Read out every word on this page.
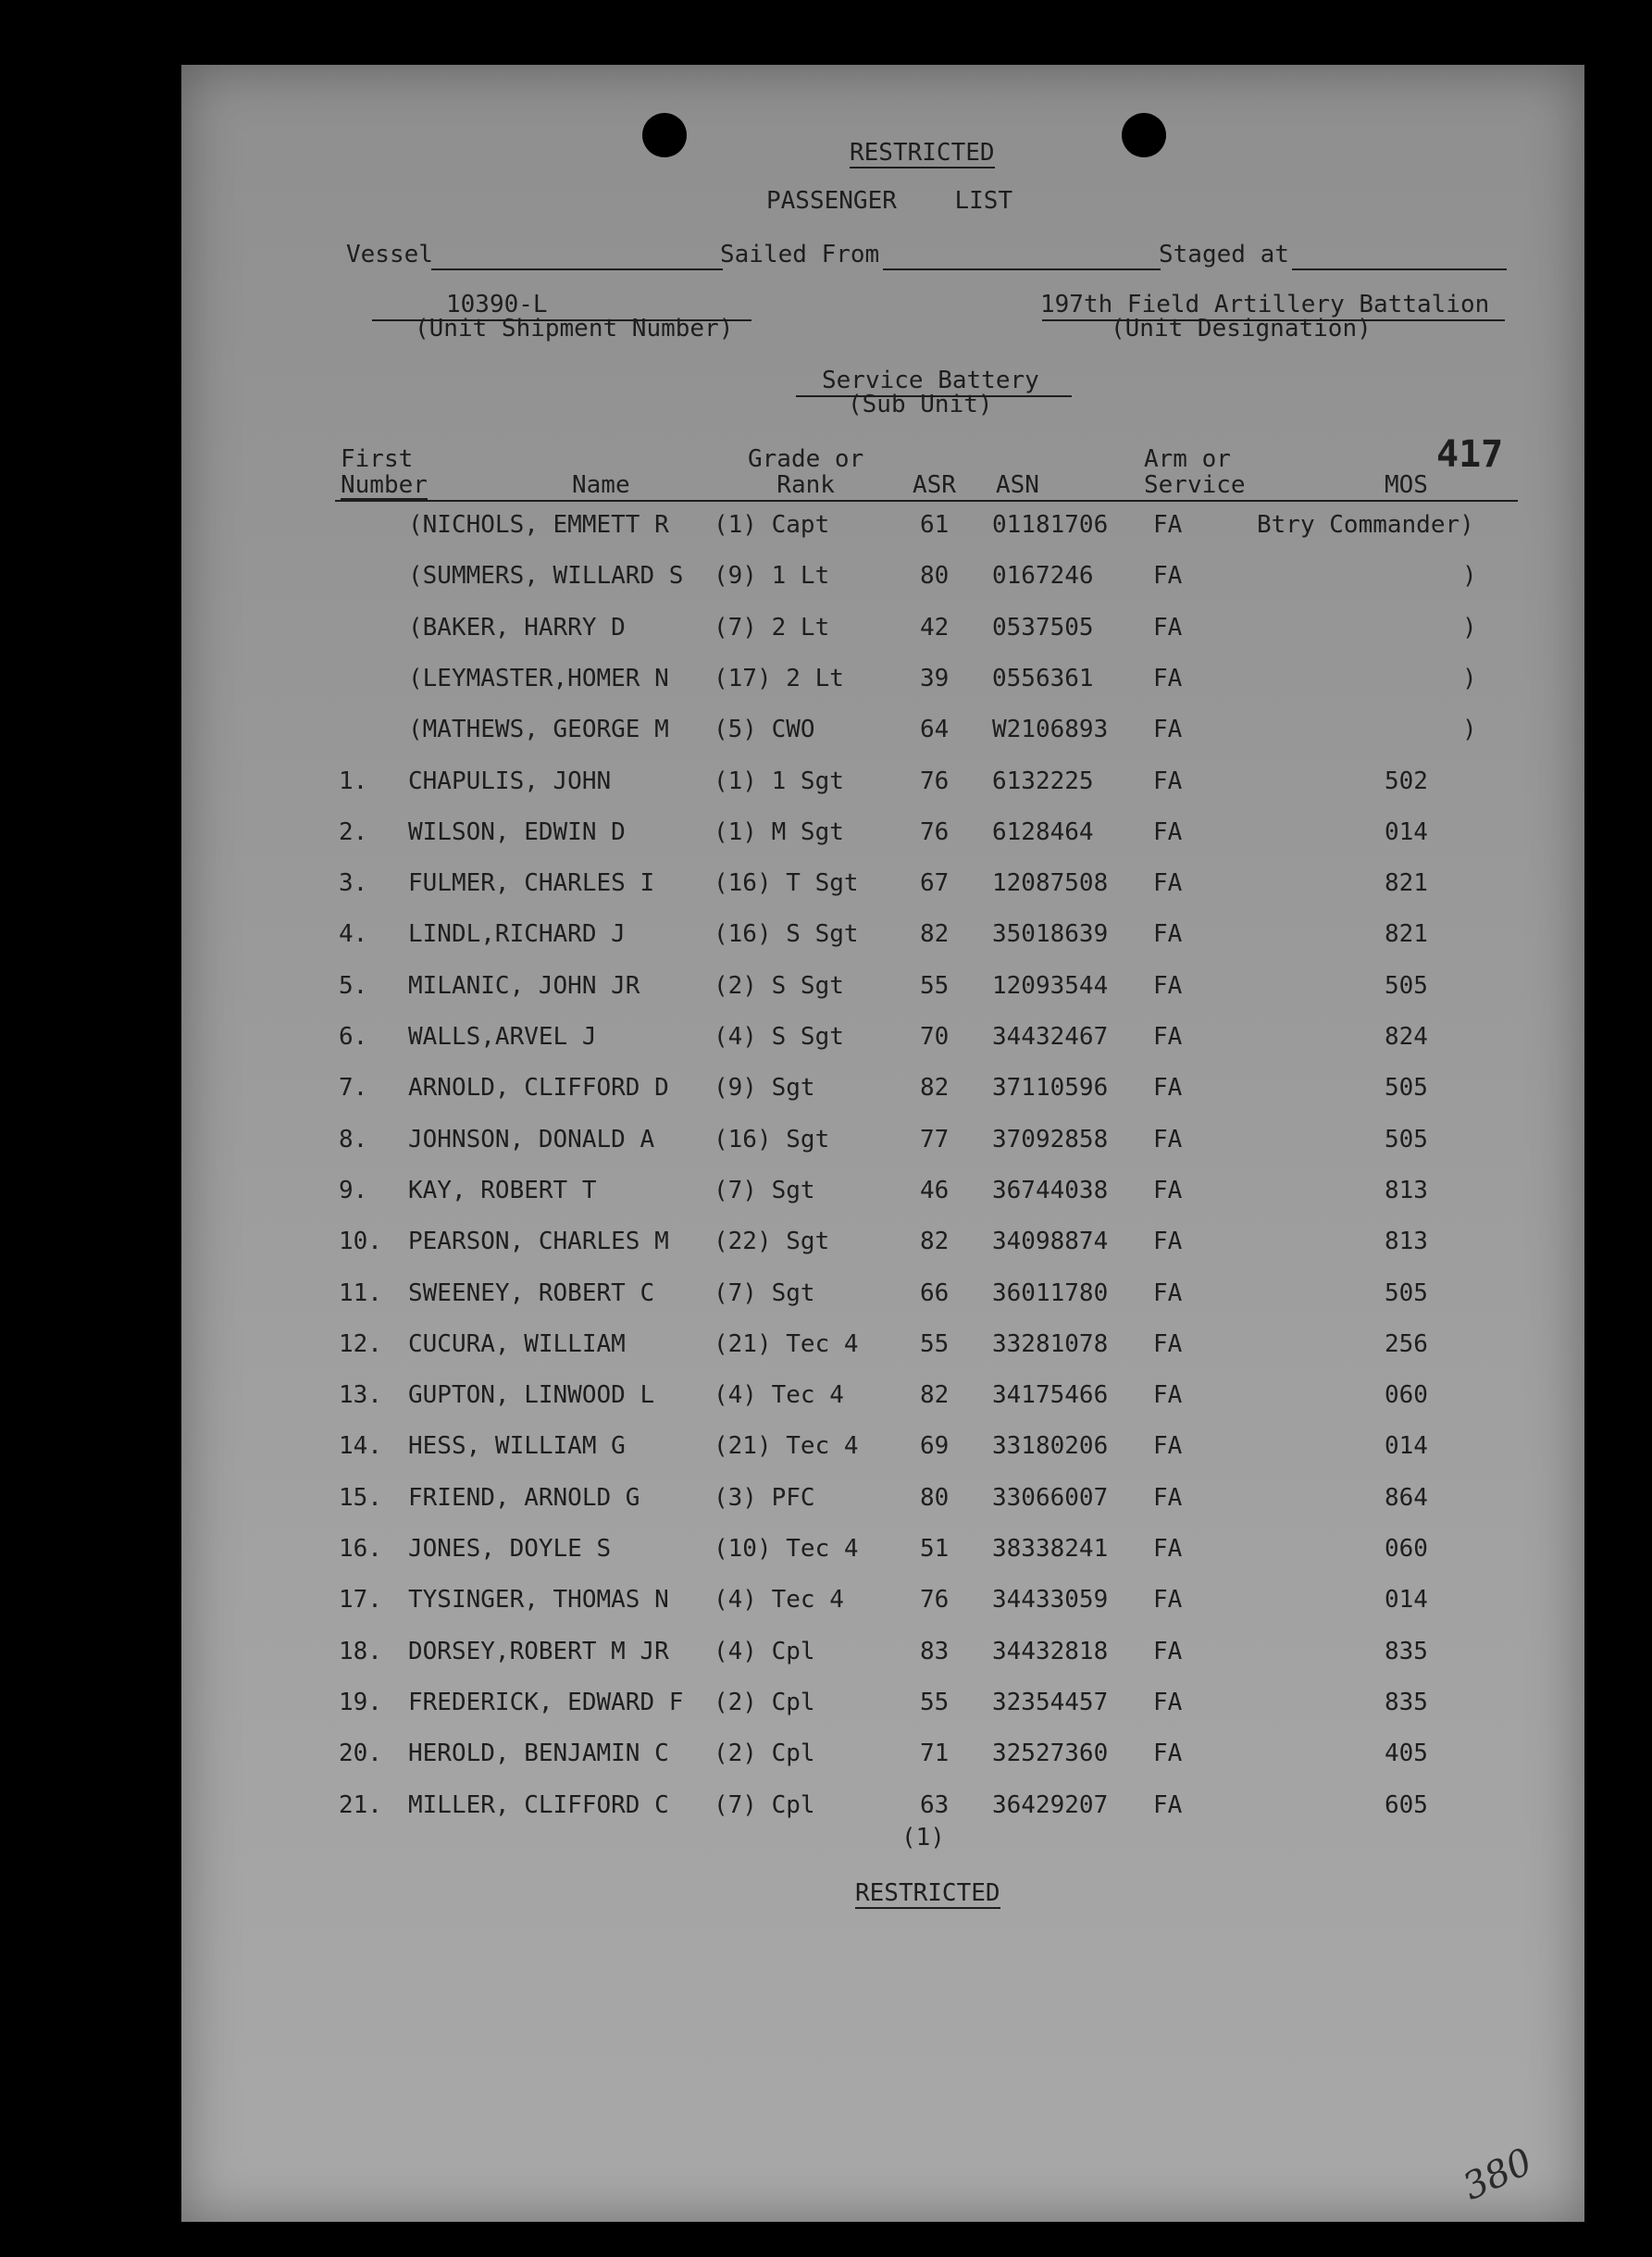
RESTRICTED
PASSENGER    LIST
Vessel	Sailed From	Staged at
10390-L
(Unit Shipment Number)
197th Field Artillery Battalion
(Unit Designation)
Service Battery
(Sub Unit)
417
First
Number	Name
Grade or
Rank	ASR ASN
Arm or
Service	MOS
(NICHOLS, EMMETT R (1) Capt	61 01181706 FA	Btry Commander)
(SUMMERS, WILLARD S (9) 1 Lt	80 0167246 FA	)
(BAKER, HARRY D	(7) 2 Lt	42 0537505 FA	)
(LEYMASTER,HOMER N (17) 2 Lt	39 0556361 FA	)
(MATHEWS, GEORGE M (5) CWO	64 W2106893 FA	)
1. CHAPULIS, JOHN	(1) 1 Sgt	76 6132225 FA	502
2. WILSON, EDWIN D	(1) M Sgt	76 6128464 FA	014
3. FULMER, CHARLES I (16) T Sgt	67 12087508 FA	821
4. LINDL,RICHARD J	(16) S Sgt	82 35018639 FA	821
5. MILANIC, JOHN JR	(2) S Sgt	55 12093544 FA	505
6. WALLS,ARVEL J	(4) S Sgt	70 34432467 FA	824
7. ARNOLD, CLIFFORD D (9) Sgt	82 37110596 FA	505
8. JOHNSON, DONALD A (16) Sgt	77 37092858 FA	505
9. KAY, ROBERT T	(7) Sgt	46 36744038 FA	813
10. PEARSON, CHARLES M (22) Sgt	82 34098874 FA	813
11. SWEENEY, ROBERT C (7) Sgt	66 36011780 FA	505
12. CUCURA, WILLIAM	(21) Tec 4	55 33281078 FA	256
13. GUPTON, LINWOOD L (4) Tec 4	82 34175466 FA	060
14. HESS, WILLIAM G	(21) Tec 4	69 33180206 FA	014
15. FRIEND, ARNOLD G	(3) PFC	80 33066007 FA	864
16. JONES, DOYLE S	(10) Tec 4	51 38338241 FA	060
17. TYSINGER, THOMAS N (4) Tec 4	76 34433059 FA	014
18. DORSEY,ROBERT M JR (4) Cpl	83 34432818 FA	835
19. FREDERICK, EDWARD F (2) Cpl	55 32354457 FA	835
20. HEROLD, BENJAMIN C (2) Cpl	71 32527360 FA	405
21. MILLER, CLIFFORD C (7) Cpl	63 36429207 FA	605
(1)
RESTRICTED
380
